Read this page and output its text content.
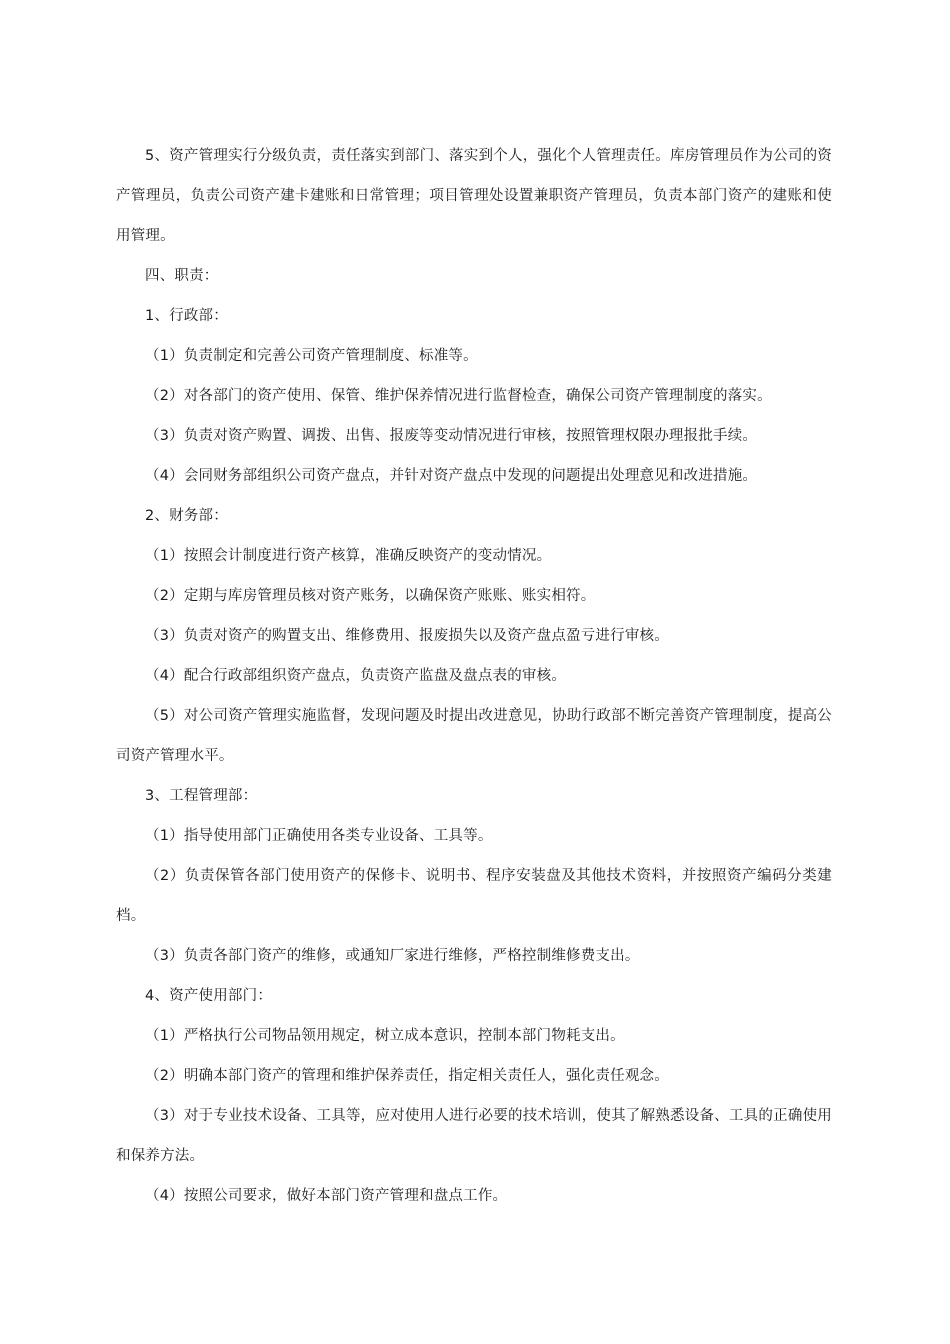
5、资产管理实行分级负责，责任落实到部门、落实到个人，强化个人管理责任。库房管理员作为公司的资产管理员，负责公司资产建卡建账和日常管理；项目管理处设置兼职资产管理员，负责本部门资产的建账和使用管理。

四、职责：

1、行政部：

（1）负责制定和完善公司资产管理制度、标准等。

（2）对各部门的资产使用、保管、维护保养情况进行监督检查，确保公司资产管理制度的落实。

（3）负责对资产购置、调拨、出售、报废等变动情况进行审核，按照管理权限办理报批手续。

（4）会同财务部组织公司资产盘点，并针对资产盘点中发现的问题提出处理意见和改进措施。

2、财务部：

（1）按照会计制度进行资产核算，准确反映资产的变动情况。

（2）定期与库房管理员核对资产账务，以确保资产账账、账实相符。

（3）负责对资产的购置支出、维修费用、报废损失以及资产盘点盈亏进行审核。

（4）配合行政部组织资产盘点，负责资产监盘及盘点表的审核。

（5）对公司资产管理实施监督，发现问题及时提出改进意见，协助行政部不断完善资产管理制度，提高公司资产管理水平。

3、工程管理部：

（1）指导使用部门正确使用各类专业设备、工具等。

（2）负责保管各部门使用资产的保修卡、说明书、程序安装盘及其他技术资料，并按照资产编码分类建档。

（3）负责各部门资产的维修，或通知厂家进行维修，严格控制维修费支出。

4、资产使用部门：

（1）严格执行公司物品领用规定，树立成本意识，控制本部门物耗支出。

（2）明确本部门资产的管理和维护保养责任，指定相关责任人，强化责任观念。

（3）对于专业技术设备、工具等，应对使用人进行必要的技术培训，使其了解熟悉设备、工具的正确使用和保养方法。

（4）按照公司要求，做好本部门资产管理和盘点工作。
